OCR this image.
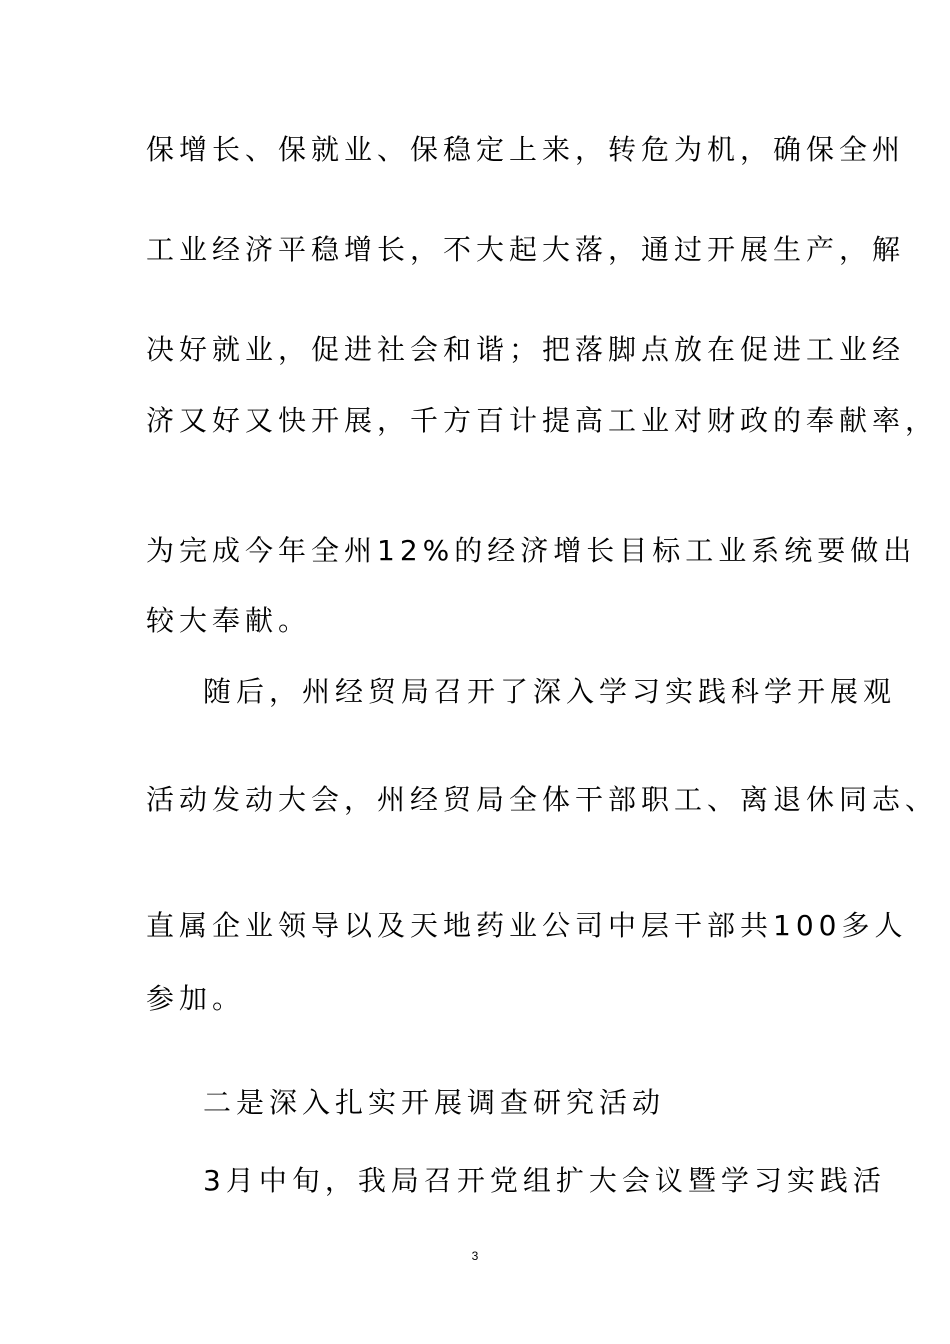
保增长、保就业、保稳定上来，转危为机，确保全州
工业经济平稳增长，不大起大落，通过开展生产，解
决好就业，促进社会和谐；把落脚点放在促进工业经
济又好又快开展，千方百计提高工业对财政的奉献率，
为完成今年全州12%的经济增长目标工业系统要做出
较大奉献。
随后，州经贸局召开了深入学习实践科学开展观
活动发动大会，州经贸局全体干部职工、离退休同志、
直属企业领导以及天地药业公司中层干部共100多人
参加。
二是深入扎实开展调查研究活动
3月中旬，我局召开党组扩大会议暨学习实践活
3
